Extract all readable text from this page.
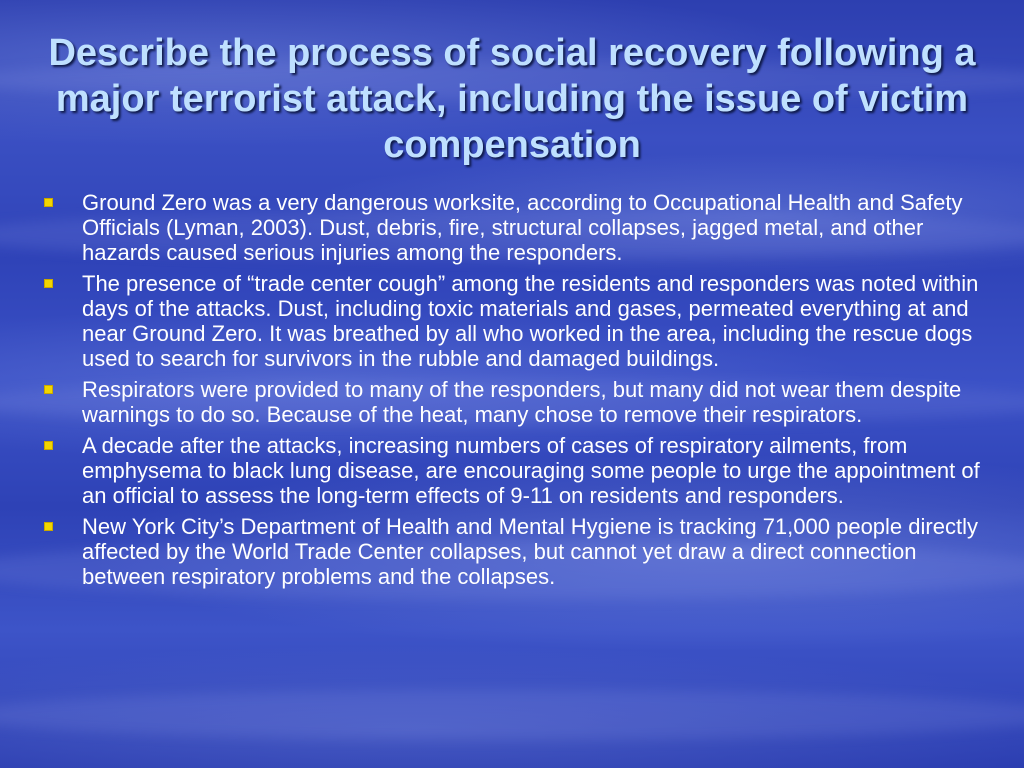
Describe the process of social recovery following a major terrorist attack, including the issue of victim compensation
Ground Zero was a very dangerous worksite, according to Occupational Health and Safety Officials (Lyman, 2003). Dust, debris, fire, structural collapses, jagged metal, and other hazards caused serious injuries among the responders.
The presence of “trade center cough” among the residents and responders was noted within days of the attacks. Dust, including toxic materials and gases, permeated everything at and near Ground Zero. It was breathed by all who worked in the area, including the rescue dogs used to search for survivors in the rubble and damaged buildings.
Respirators were provided to many of the responders, but many did not wear them despite warnings to do so. Because of the heat, many chose to remove their respirators.
A decade after the attacks, increasing numbers of cases of respiratory ailments, from emphysema to black lung disease, are encouraging some people to urge the appointment of an official to assess the long-term effects of 9-11 on residents and responders.
New York City’s Department of Health and Mental Hygiene is tracking 71,000 people directly affected by the World Trade Center collapses, but cannot yet draw a direct connection between respiratory problems and the collapses.
